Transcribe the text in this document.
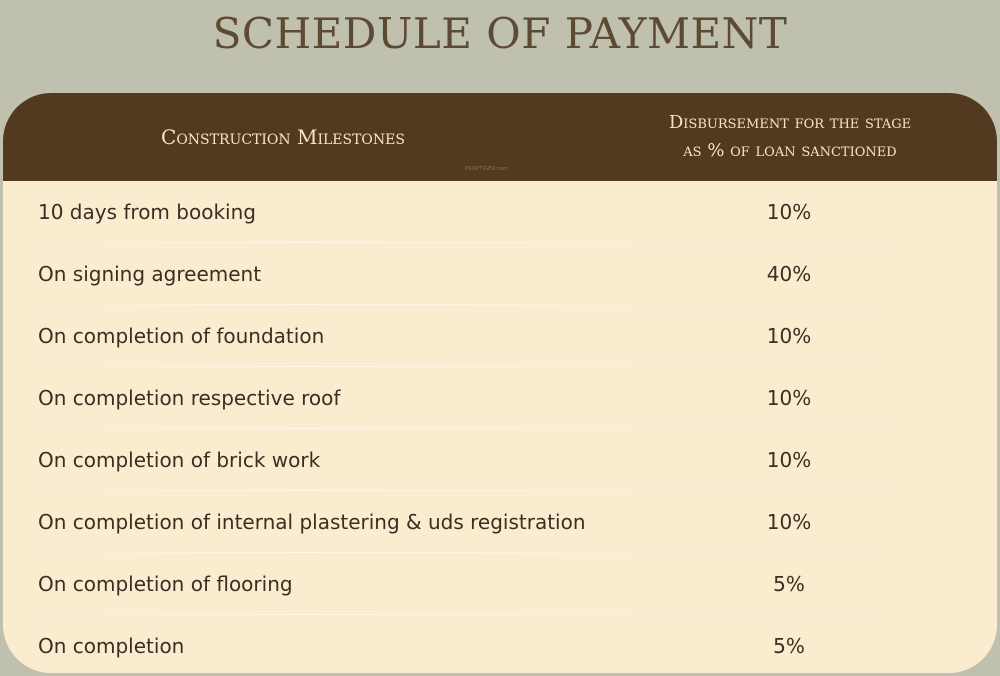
SCHEDULE OF PAYMENT
Construction Milestones
Disbursement for the stage
as % of loan sanctioned
PROPTIGER.com
10 days from booking	10%
On signing agreement	40%
On completion of foundation	10%
On completion respective roof	10%
On completion of brick work	10%
On completion of internal plastering & uds registration	10%
On completion of flooring	5%
On completion	5%
